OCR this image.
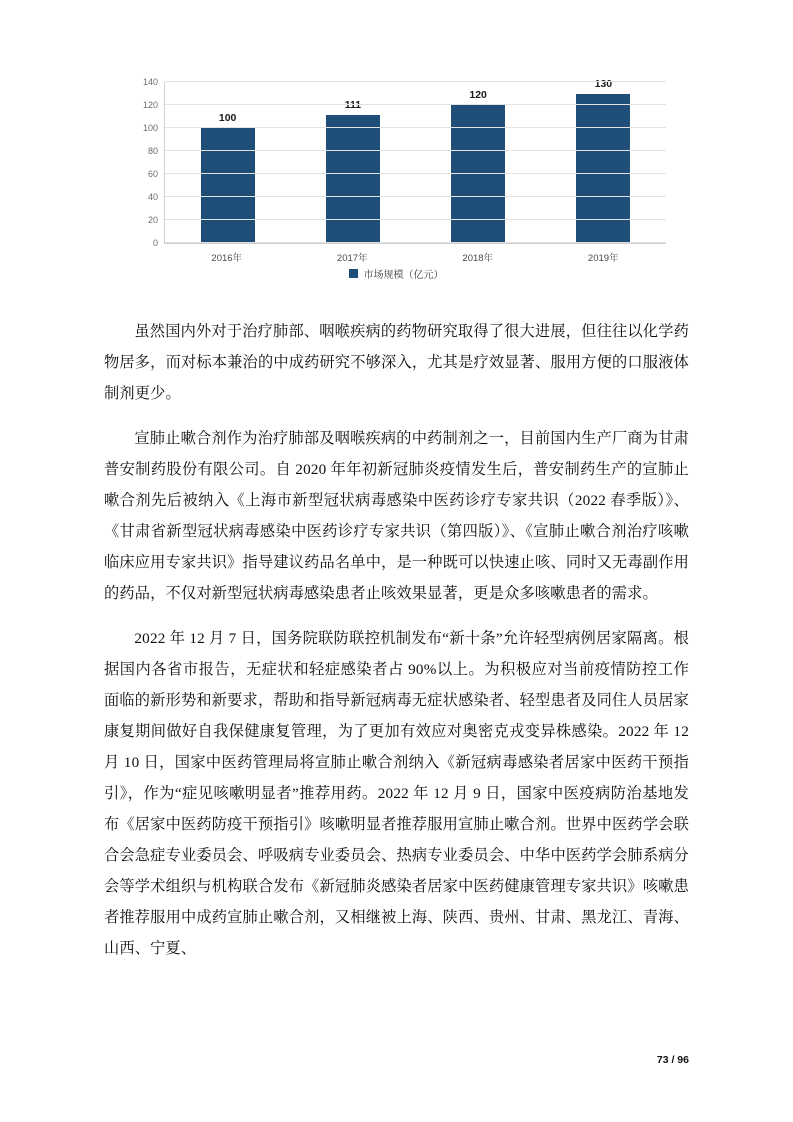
100
111
120
130
0
20
40
60
80
100
120
140
2016年	2017年	2018年	2019年
市场规模（亿元）

虽然国内外对于治疗肺部、咽喉疾病的药物研究取得了很大进展，但往往以化学药物居多，而对标本兼治的中成药研究不够深入，尤其是疗效显著、服用方便的口服液体制剂更少。

宣肺止嗽合剂作为治疗肺部及咽喉疾病的中药制剂之一，目前国内生产厂商为甘肃普安制药股份有限公司。自 2020 年年初新冠肺炎疫情发生后，普安制药生产的宣肺止嗽合剂先后被纳入《上海市新型冠状病毒感染中医药诊疗专家共识（2022 春季版）》、《甘肃省新型冠状病毒感染中医药诊疗专家共识（第四版）》、《宣肺止嗽合剂治疗咳嗽临床应用专家共识》指导建议药品名单中，是一种既可以快速止咳、同时又无毒副作用的药品，不仅对新型冠状病毒感染患者止咳效果显著，更是众多咳嗽患者的需求。

2022 年 12 月 7 日，国务院联防联控机制发布“新十条”允许轻型病例居家隔离。根据国内各省市报告，无症状和轻症感染者占 90%以上。为积极应对当前疫情防控工作面临的新形势和新要求，帮助和指导新冠病毒无症状感染者、轻型患者及同住人员居家康复期间做好自我保健康复管理，为了更加有效应对奥密克戎变异株感染。2022 年 12 月 10 日，国家中医药管理局将宣肺止嗽合剂纳入《新冠病毒感染者居家中医药干预指引》，作为“症见咳嗽明显者”推荐用药。2022 年 12 月 9 日，国家中医疫病防治基地发布《居家中医药防疫干预指引》咳嗽明显者推荐服用宣肺止嗽合剂。世界中医药学会联合会急症专业委员会、呼吸病专业委员会、热病专业委员会、中华中医药学会肺系病分会等学术组织与机构联合发布《新冠肺炎感染者居家中医药健康管理专家共识》咳嗽患者推荐服用中成药宣肺止嗽合剂，又相继被上海、陕西、贵州、甘肃、黑龙江、青海、山西、宁夏、

73 / 96
